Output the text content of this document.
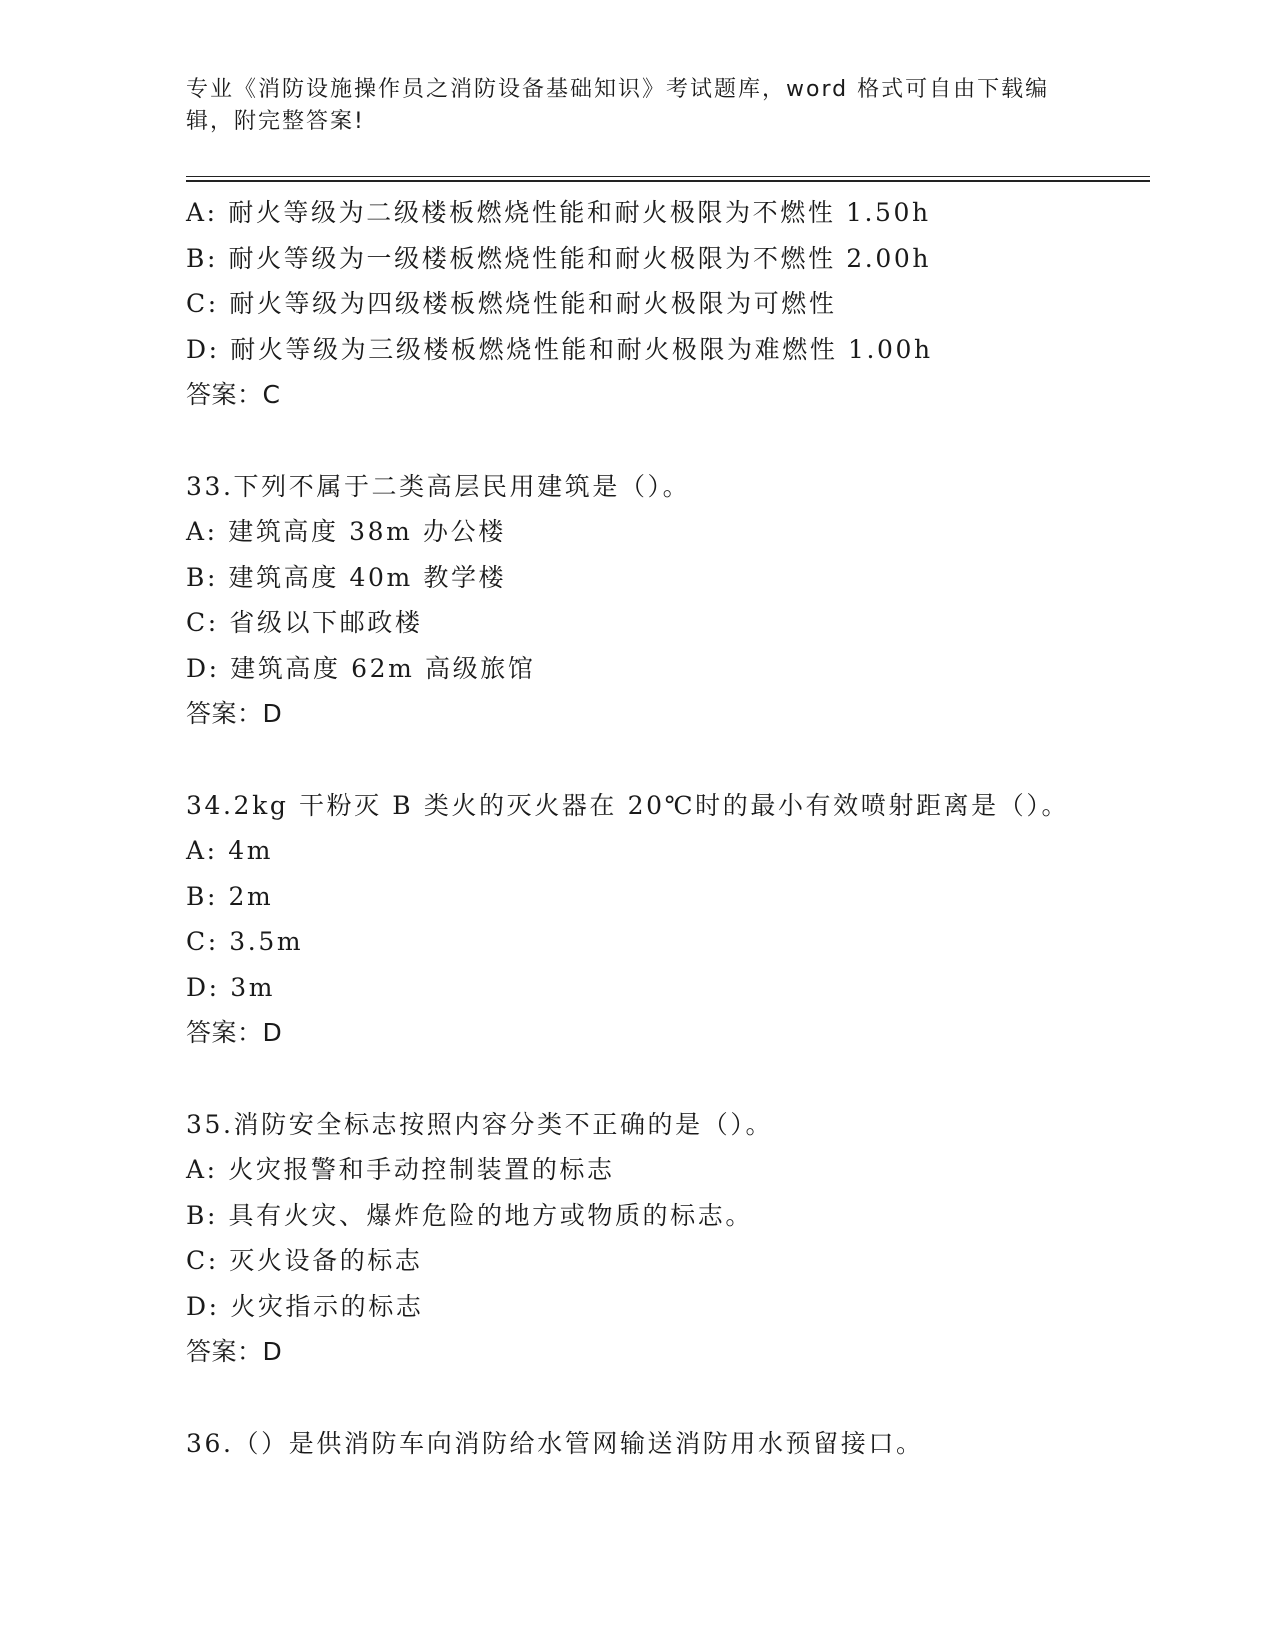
专业《消防设施操作员之消防设备基础知识》考试题库，word 格式可自由下载编
辑，附完整答案!
A: 耐火等级为二级楼板燃烧性能和耐火极限为不燃性 1.50h
B: 耐火等级为一级楼板燃烧性能和耐火极限为不燃性 2.00h
C: 耐火等级为四级楼板燃烧性能和耐火极限为可燃性
D: 耐火等级为三级楼板燃烧性能和耐火极限为难燃性 1.00h
答案：C
33.下列不属于二类高层民用建筑是（）。
A: 建筑高度 38m 办公楼
B: 建筑高度 40m 教学楼
C: 省级以下邮政楼
D: 建筑高度 62m 高级旅馆
答案：D
34.2kg 干粉灭 B 类火的灭火器在 20℃时的最小有效喷射距离是（）。
A: 4m
B: 2m
C: 3.5m
D: 3m
答案：D
35.消防安全标志按照内容分类不正确的是（）。
A: 火灾报警和手动控制装置的标志
B: 具有火灾、爆炸危险的地方或物质的标志。
C: 灭火设备的标志
D: 火灾指示的标志
答案：D
36.（）是供消防车向消防给水管网输送消防用水预留接口。
